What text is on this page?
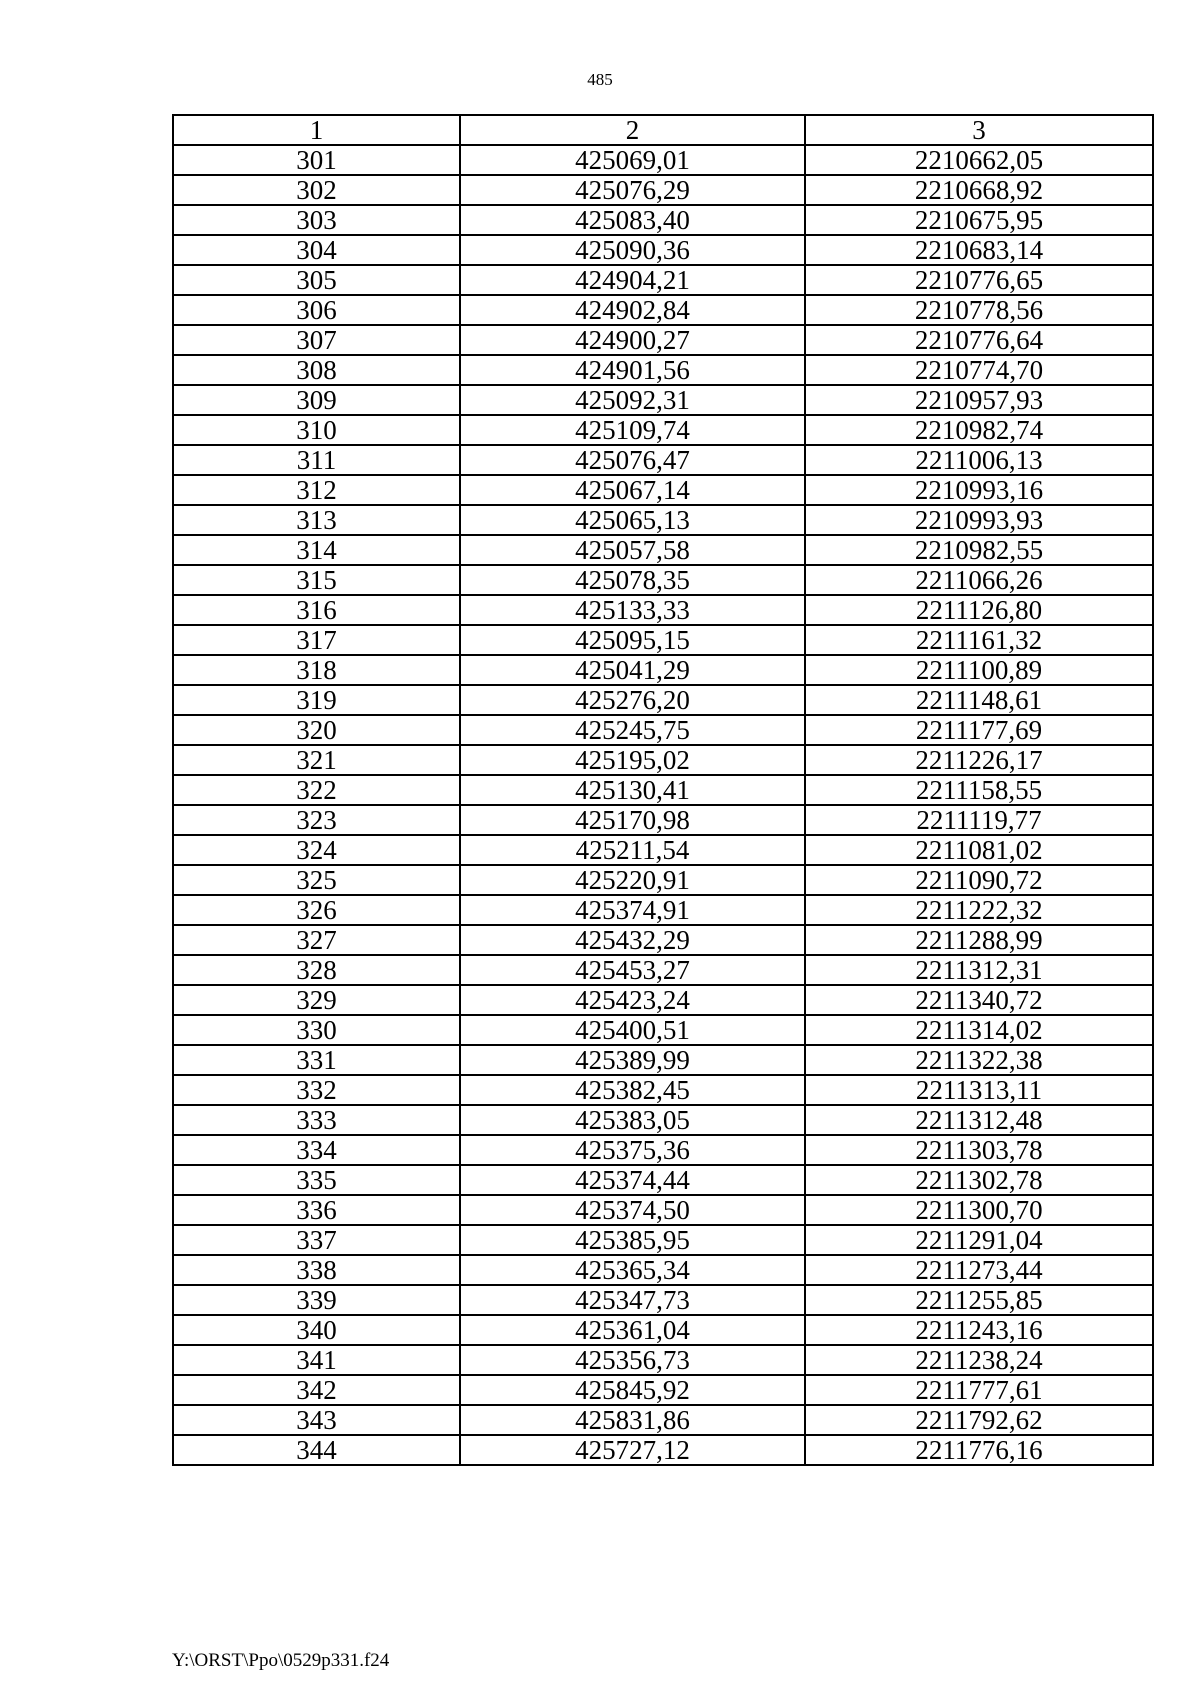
485
1	2	3
301	425069,01	2210662,05
302	425076,29	2210668,92
303	425083,40	2210675,95
304	425090,36	2210683,14
305	424904,21	2210776,65
306	424902,84	2210778,56
307	424900,27	2210776,64
308	424901,56	2210774,70
309	425092,31	2210957,93
310	425109,74	2210982,74
311	425076,47	2211006,13
312	425067,14	2210993,16
313	425065,13	2210993,93
314	425057,58	2210982,55
315	425078,35	2211066,26
316	425133,33	2211126,80
317	425095,15	2211161,32
318	425041,29	2211100,89
319	425276,20	2211148,61
320	425245,75	2211177,69
321	425195,02	2211226,17
322	425130,41	2211158,55
323	425170,98	2211119,77
324	425211,54	2211081,02
325	425220,91	2211090,72
326	425374,91	2211222,32
327	425432,29	2211288,99
328	425453,27	2211312,31
329	425423,24	2211340,72
330	425400,51	2211314,02
331	425389,99	2211322,38
332	425382,45	2211313,11
333	425383,05	2211312,48
334	425375,36	2211303,78
335	425374,44	2211302,78
336	425374,50	2211300,70
337	425385,95	2211291,04
338	425365,34	2211273,44
339	425347,73	2211255,85
340	425361,04	2211243,16
341	425356,73	2211238,24
342	425845,92	2211777,61
343	425831,86	2211792,62
344	425727,12	2211776,16
Y:\ORST\Ppo\0529p331.f24
